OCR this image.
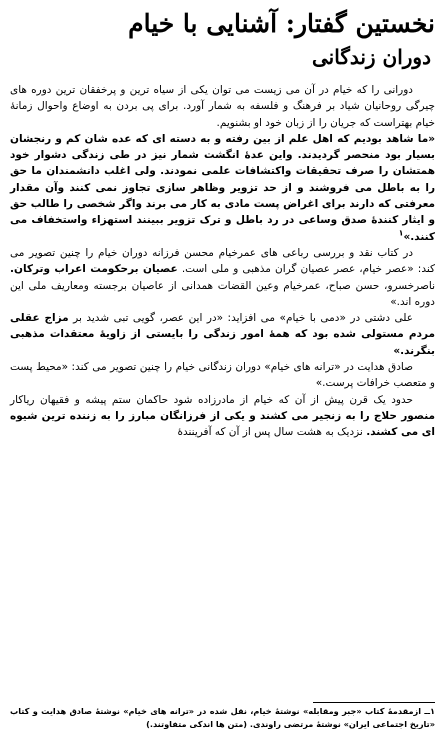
نخستین گفتار: آشنایی با خیام
دوران زندگانی

دورانی را که خیام در آن می زیست می توان یکی از سیاه ترین و پرخفقان ترین دوره های چیرگی روحانیان شیاد بر فرهنگ و فلسفه به شمار آورد. برای پی بردن به اوضاع واحوال زمانهٔ خیام بهتراست که جریان را از زبان خود او بشنویم.

«ما شاهد بودیم که اهل علم از بین رفته و به دسته ای که عده شان کم و رنجشان بسیار بود منحصر گردیدند. واین عدهٔ انگشت شمار نیز در طی زندگی دشوار خود همتشان را صرف تحقیقات واکتشافات علمی نمودند. ولی اغلب دانشمندان ما حق را به باطل می فروشند و از حد تزویر وظاهر سازی تجاوز نمی کنند وآن مقدار معرفتی که دارند برای اغراض پست مادی به کار می برند واگر شخصی را طالب حق و ایثار کنندهٔ صدق وساعی در رد باطل و ترک تزویر ببینند استهزاء واستخفاف می کنند.»$^۱$

در کتاب نقد و بررسی رباعی های عمرخیام محسن فرزانه دوران خیام را چنین تصویر می کند: «عصر خیام، عصر عصیان گران مذهبی و ملی است. عصیان برحکومت اعراب وترکان. ناصرخسرو، حسن صباح، عمرخیام وعین القضات همدانی از عاصیان برجسته ومعاریف ملی این دوره اند.»

علی دشتی در «دمی با خیام» می افزاید: «در این عصر، گویی تبی شدید بر مزاج عقلی مردم مستولی شده بود که همهٔ امور زندگی را بایستی از زاویهٔ معتقدات مذهبی بنگرند.»

صادق هدایت در «ترانه های خیام» دوران زندگانی خیام را چنین تصویر می کند: «محیط پست و متعصب خرافات پرست.»

حدود یک قرن پیش از آن که خیام از مادرزاده شود حاکمان ستم پیشه و فقیهان ریاکار منصور حلاج را به زنجیر می کشند و یکی از فرزانگان مبارز را به زننده ترین شیوه ای می کشند. نزدیک به هشت سال پس از آن که آفرینندهٔ

۱ــ ازمقدمهٔ کتاب «جبر ومقابله» نوشتهٔ خیام، نقل شده در «ترانه های خیام» نوشتهٔ صادق هدایت و کتاب «تاریخ اجتماعی ایران» نوشتهٔ مرتضی راوندی. (متن ها اندکی متفاوتند.)
